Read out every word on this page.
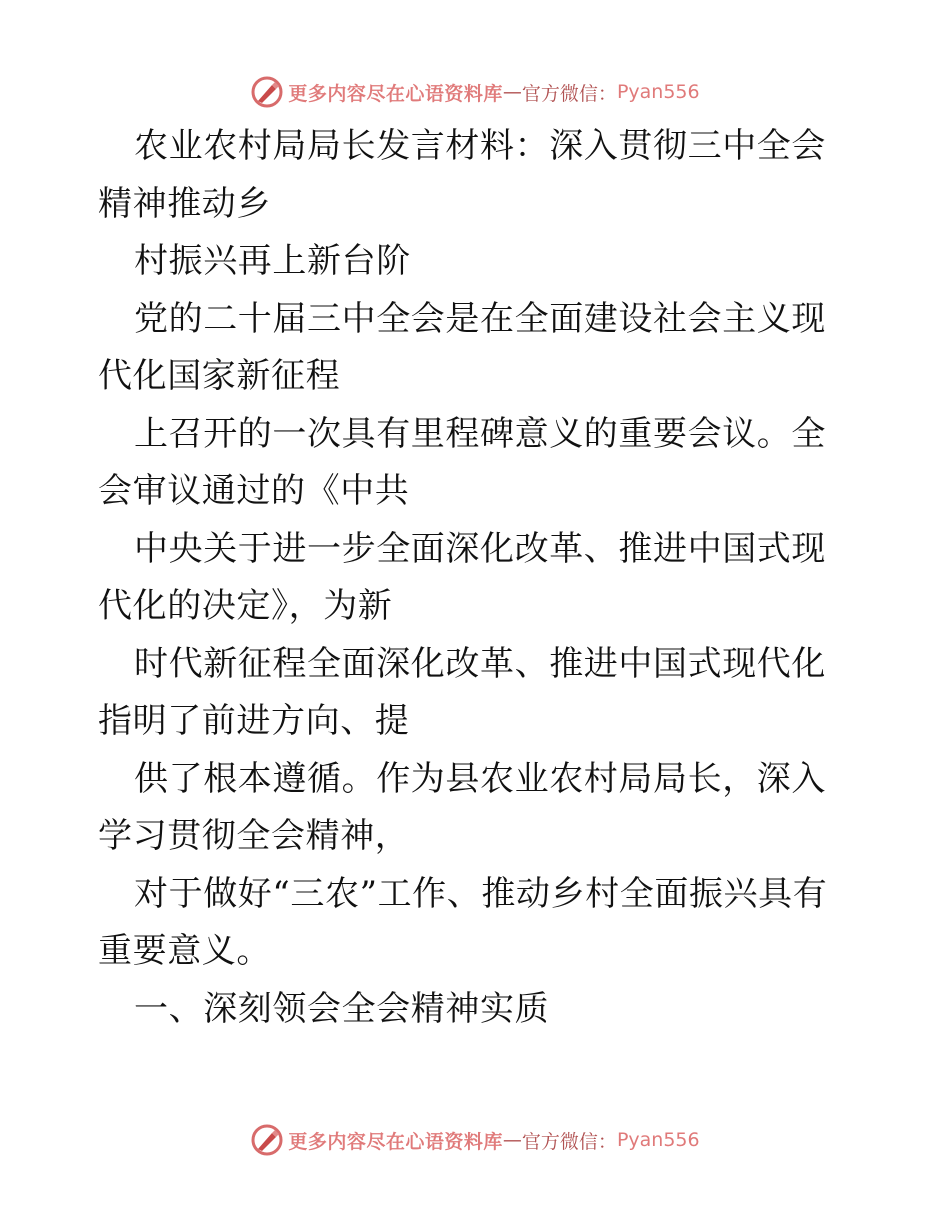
更多内容尽在心语资料库 — 官方微信： Pyan556

农业农村局局长发言材料：深入贯彻三中全会精神推动乡

村振兴再上新台阶

党的二十届三中全会是在全面建设社会主义现代化国家新征程

上召开的一次具有里程碑意义的重要会议。全会审议通过的《中共

中央关于进一步全面深化改革、推进中国式现代化的决定》，为新

时代新征程全面深化改革、推进中国式现代化指明了前进方向、提

供了根本遵循。作为县农业农村局局长，深入学习贯彻全会精神，

对于做好“三农”工作、推动乡村全面振兴具有重要意义。

一、深刻领会全会精神实质

更多内容尽在心语资料库 — 官方微信： Pyan556
